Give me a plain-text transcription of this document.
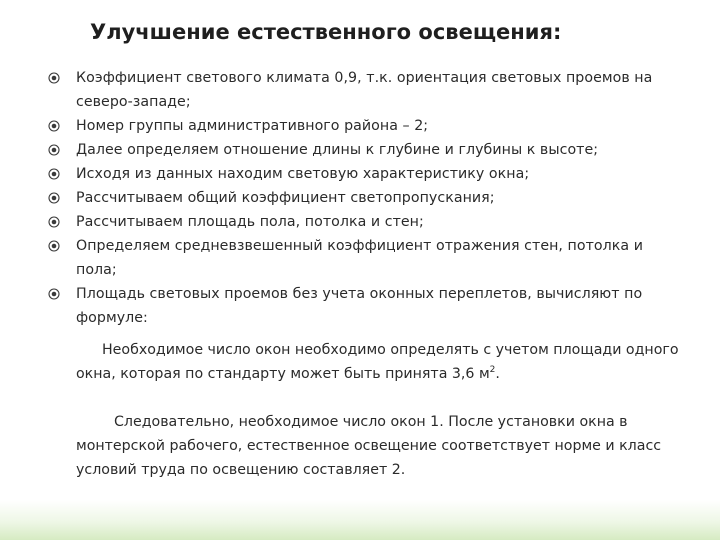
Улучшение естественного освещения:
Коэффициент светового климата 0,9, т.к. ориентация световых проемов на северо-западе;
Номер группы административного района – 2;
Далее определяем отношение длины к глубине и глубины к высоте;
Исходя из данных находим световую характеристику окна;
Рассчитываем общий коэффициент светопропускания;
Рассчитываем площадь пола, потолка и стен;
Определяем средневзвешенный коэффициент отражения стен, потолка и пола;
Площадь световых проемов без учета оконных переплетов, вычисляют по формуле:
Необходимое число окон необходимо определять с учетом площади одного окна, которая по стандарту может быть принята 3,6 $м^2$.
Следовательно, необходимое число окон 1. После установки окна в монтерской рабочего, естественное освещение соответствует норме и класс условий труда по освещению составляет 2.
